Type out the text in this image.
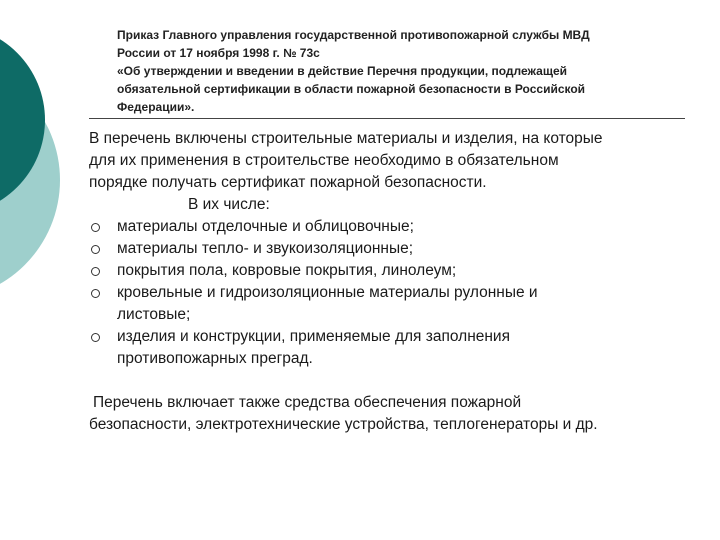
Приказ Главного управления государственной противопожарной службы МВД
России от 17 ноября 1998 г. № 73с
«Об утверждении и введении в действие Перечня продукции, подлежащей
обязательной сертификации в области пожарной безопасности в Российской
Федерации».
В перечень включены строительные материалы и изделия, на которые
для их применения в строительстве необходимо в обязательном
порядке получать сертификат пожарной безопасности.
В их числе:
материалы отделочные и облицовочные;
материалы тепло- и звукоизоляционные;
покрытия пола, ковровые покрытия, линолеум;
кровельные и гидроизоляционные материалы рулонные и
листовые;
изделия и конструкции, применяемые для заполнения
противопожарных преград.
Перечень включает также средства обеспечения пожарной
безопасности, электротехнические устройства, теплогенераторы и др.
